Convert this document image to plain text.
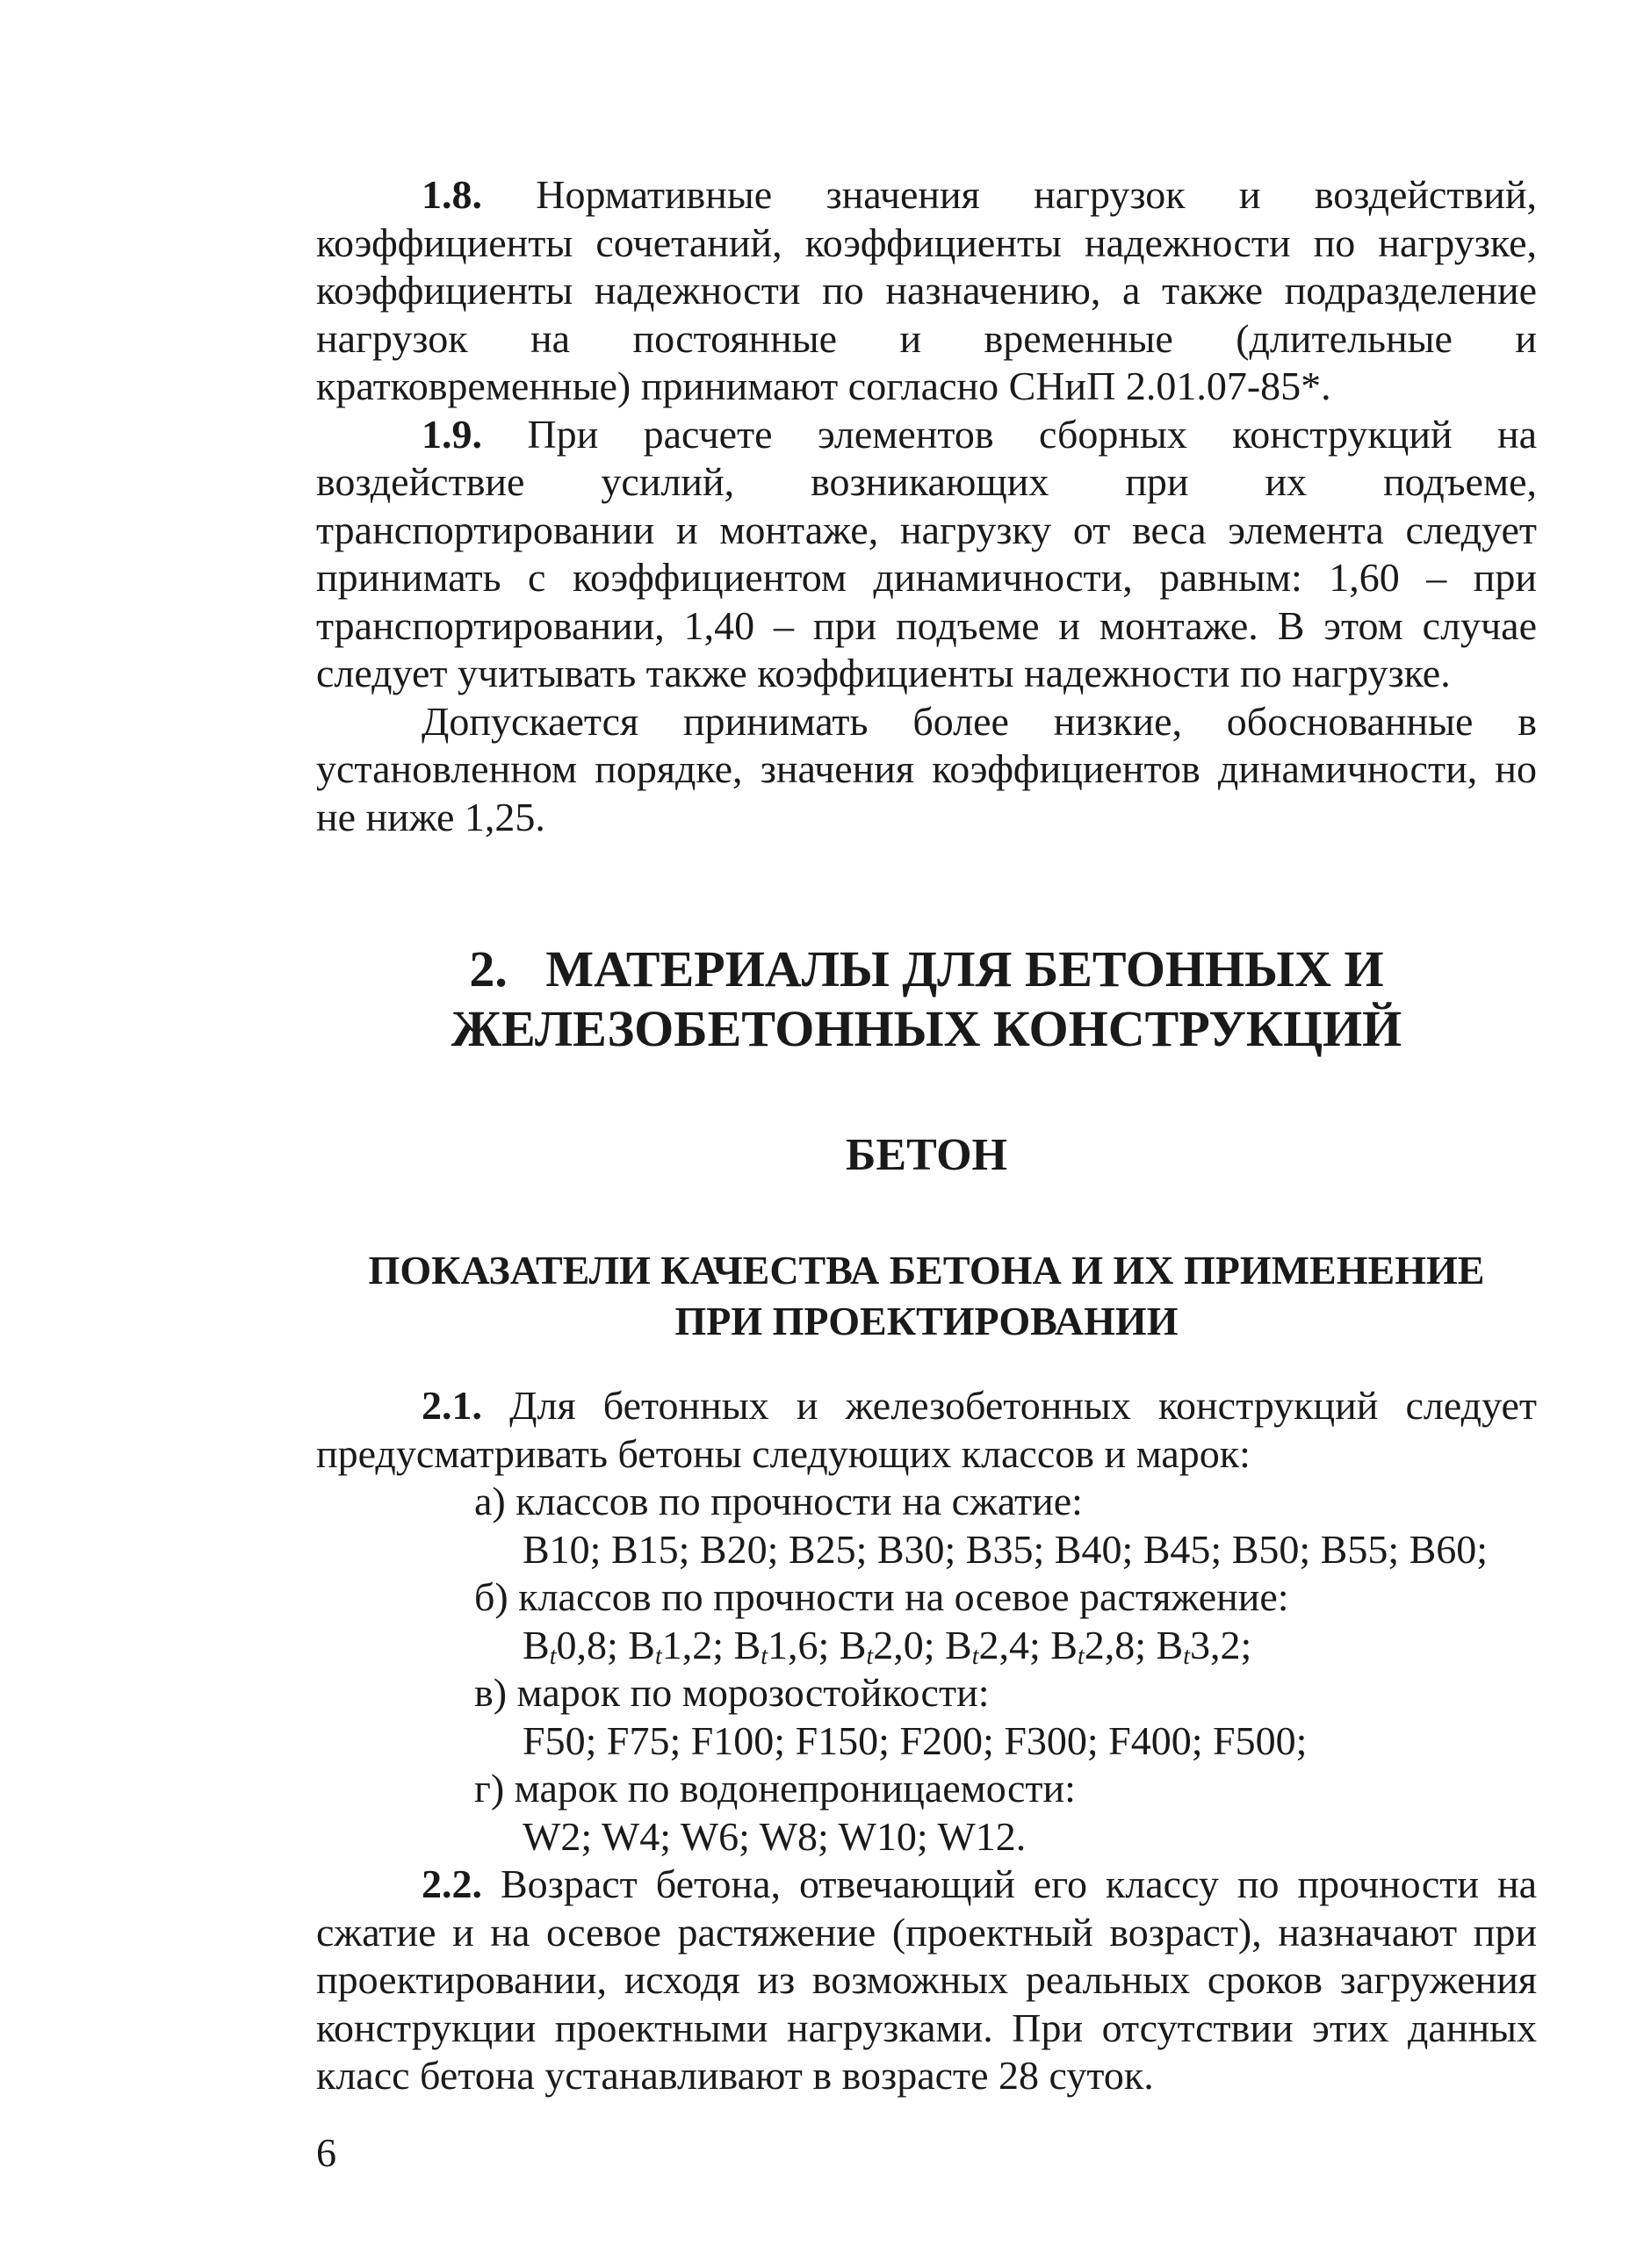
1.8. Нормативные значения нагрузок и воздействий, коэффициенты сочетаний, коэффициенты надежности по нагрузке, коэффициенты надежности по назначению, а также подразделение нагрузок на постоянные и временные (длительные и кратковременные) принимают согласно СНиП 2.01.07-85*.

1.9. При расчете элементов сборных конструкций на воздействие усилий, возникающих при их подъеме, транспортировании и монтаже, нагрузку от веса элемента следует принимать с коэффициентом динамичности, равным: 1,60 – при транспортировании, 1,40 – при подъеме и монтаже. В этом случае следует учитывать также коэффициенты надежности по нагрузке.

Допускается принимать более низкие, обоснованные в установленном порядке, значения коэффициентов динамичности, но не ниже 1,25.

2.   МАТЕРИАЛЫ ДЛЯ БЕТОННЫХ И
ЖЕЛЕЗОБЕТОННЫХ КОНСТРУКЦИЙ
БЕТОН
ПОКАЗАТЕЛИ КАЧЕСТВА БЕТОНА И ИХ ПРИМЕНЕНИЕ
ПРИ ПРОЕКТИРОВАНИИ

2.1. Для бетонных и железобетонных конструкций следует предусматривать бетоны следующих классов и марок:

а) классов по прочности на сжатие:

В10; В15; В20; В25; В30; В35; В40; В45; В50; В55; В60;

б) классов по прочности на осевое растяжение:

$B_t0,8$; $B_t1,2$; $B_t1,6$; $B_t2,0$; $B_t2,4$; $B_t2,8$; $B_t3,2$;

в) марок по морозостойкости:

F50; F75; F100; F150; F200; F300; F400; F500;

г) марок по водонепроницаемости:

W2; W4; W6; W8; W10; W12.

2.2. Возраст бетона, отвечающий его классу по прочности на сжатие и на осевое растяжение (проектный возраст), назначают при проектировании, исходя из возможных реальных сроков загружения конструкции проектными нагрузками. При отсутствии этих данных класс бетона устанавливают в возрасте 28 суток.

6
